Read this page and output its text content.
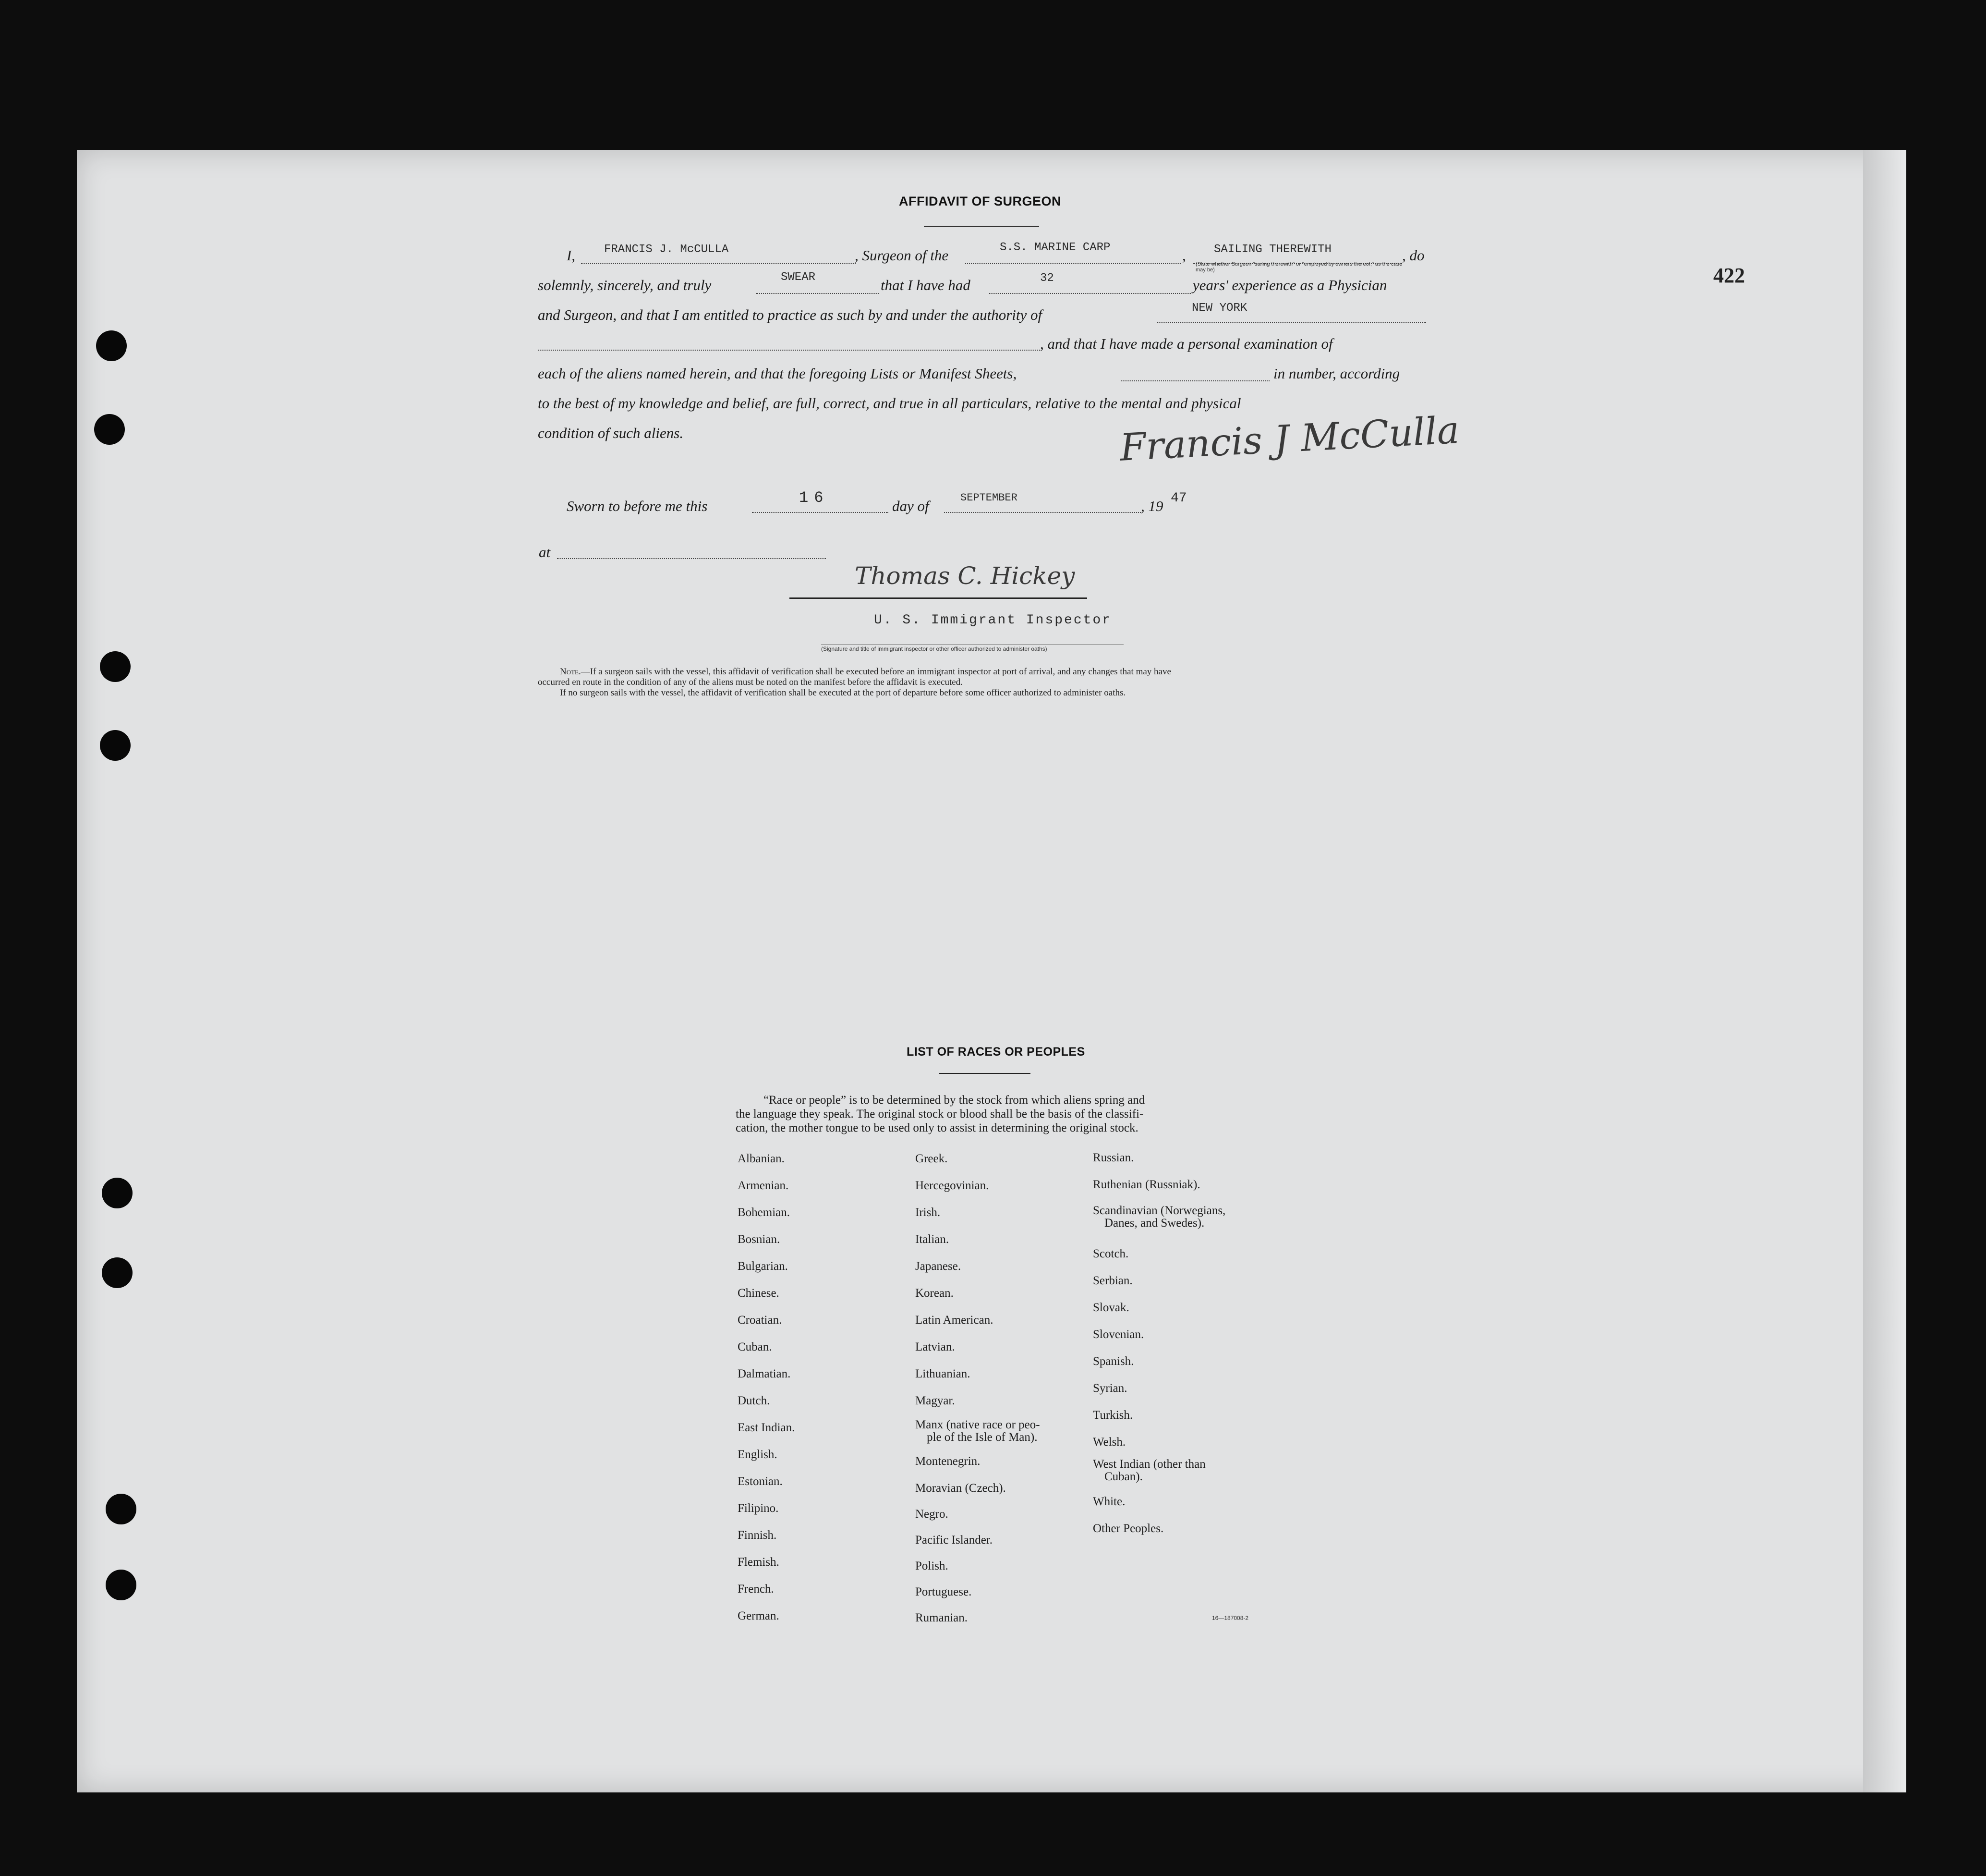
422
AFFIDAVIT OF SURGEON
I, FRANCIS J. McCULLA	, Surgeon of the	S.S. MARINE CARP	, SAILING THEREWITH	, do
solemnly, sincerely, and truly	SWEAR	that I have had	32	years' experience as a Physician
(State whether Surgeon "sailing therewith" or "employed by owners thereof," as the case may be)
and Surgeon, and that I am entitled to practice as such by and under the authority of	NEW YORK
, and that I have made a personal examination of
each of the aliens named herein, and that the foregoing Lists or Manifest Sheets,	in number, according
to the best of my knowledge and belief, are full, correct, and true in all particulars, relative to the mental and physical
condition of such aliens.	Francis J McCulla
Sworn to before me this	16	day of	SEPTEMBER	, 19 47
at
Thomas C. Hickey
U. S. Immigrant Inspector
(Signature and title of immigrant inspector or other officer authorized to administer oaths)
Note.—If a surgeon sails with the vessel, this affidavit of verification shall be executed before an immigrant inspector at port of arrival, and any changes that may have
occurred en route in the condition of any of the aliens must be noted on the manifest before the affidavit is executed.
If no surgeon sails with the vessel, the affidavit of verification shall be executed at the port of departure before some officer authorized to administer oaths.
LIST OF RACES OR PEOPLES
“Race or people” is to be determined by the stock from which aliens spring and
the language they speak. The original stock or blood shall be the basis of the classifi-
cation, the mother tongue to be used only to assist in determining the original stock.
Albanian.
Armenian.
Bohemian.
Bosnian.
Bulgarian.
Chinese.
Croatian.
Cuban.
Dalmatian.
Dutch.
East Indian.
English.
Estonian.
Filipino.
Finnish.
Flemish.
French.
German.
Greek.
Hercegovinian.
Irish.
Italian.
Japanese.
Korean.
Latin American.
Latvian.
Lithuanian.
Magyar.
Manx (native race or peo-
ple of the Isle of Man).
Montenegrin.
Moravian (Czech).
Negro.
Pacific Islander.
Polish.
Portuguese.
Rumanian.
Russian.
Ruthenian (Russniak).
Scandinavian (Norwegians,
Danes, and Swedes).
Scotch.
Serbian.
Slovak.
Slovenian.
Spanish.
Syrian.
Turkish.
Welsh.
West Indian (other than
Cuban).
White.
Other Peoples.
16—187008-2
